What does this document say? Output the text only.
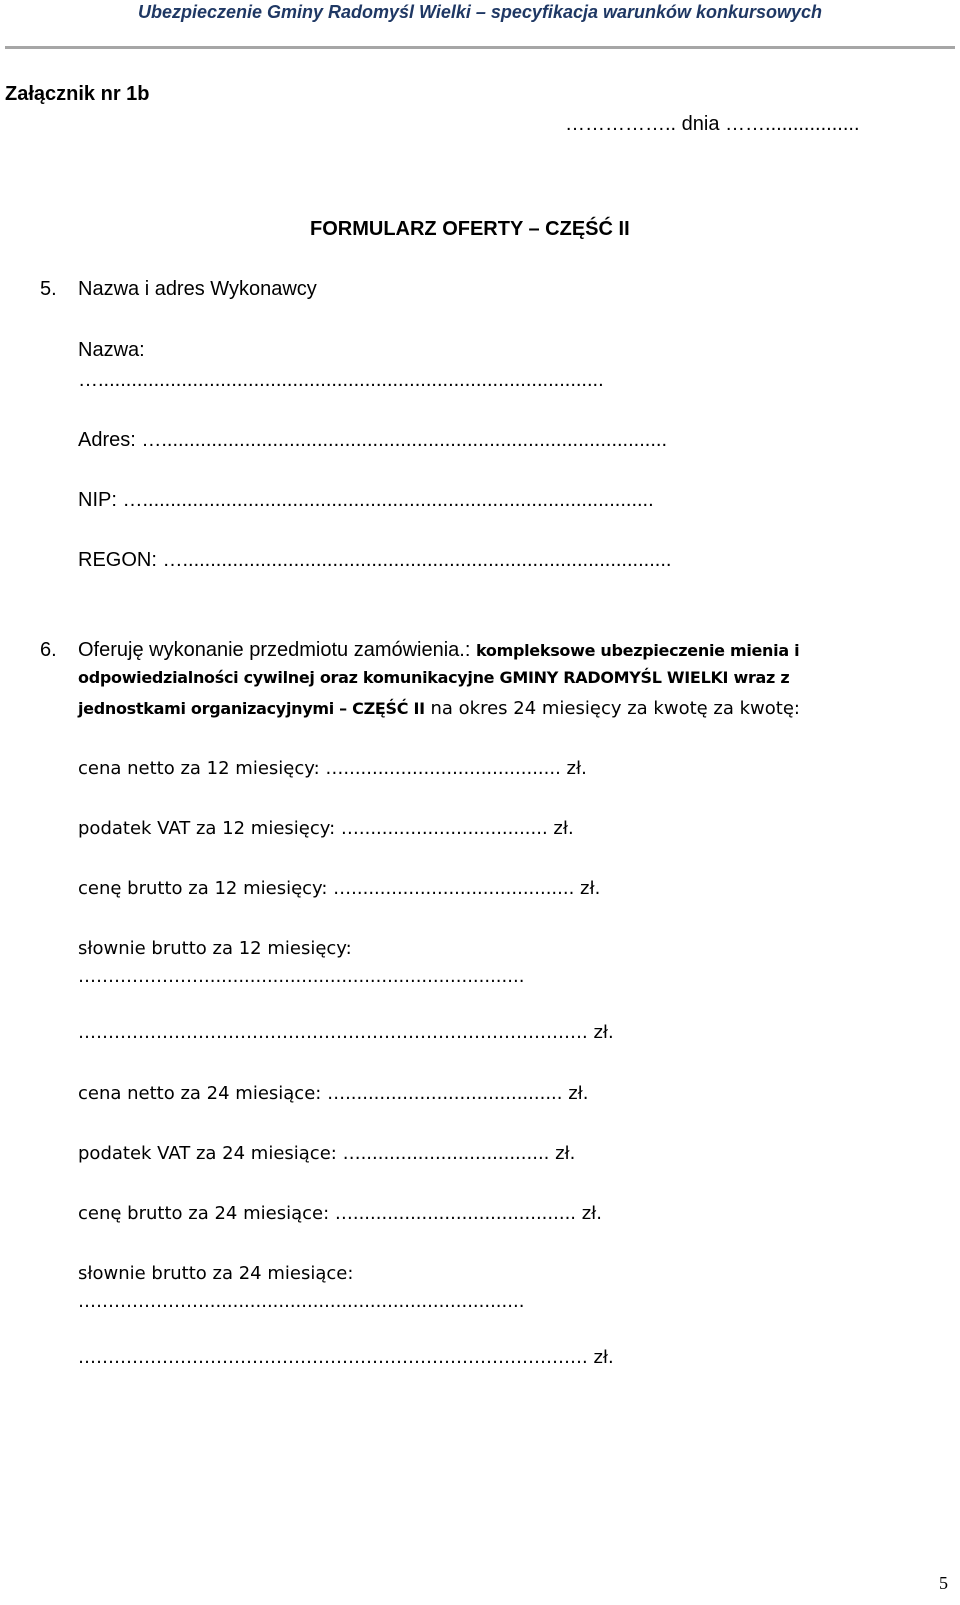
Ubezpieczenie Gminy Radomyśl Wielki – specyfikacja warunków konkursowych
Załącznik nr 1b
…………….. dnia …….................
FORMULARZ OFERTY – CZĘŚĆ II
5. Nazwa i adres Wykonawcy
Nazwa:
…...........................................................................................
Adres: …...........................................................................................
NIP: …............................................................................................
REGON: …........................................................................................
6. Oferuję wykonanie przedmiotu zamówienia.: kompleksowe ubezpieczenie mienia i
odpowiedzialności cywilnej oraz komunikacyjne GMINY RADOMYŚL WIELKI wraz z
jednostkami organizacyjnymi – CZĘŚĆ II na okres 24 miesięcy za kwotę za kwotę:
cena netto za 12 miesięcy: …...................................... zł.
podatek VAT za 12 miesięcy: …................................. zł.
cenę brutto za 12 miesięcy: …....................................... zł.
słownie brutto za 12 miesięcy:
…………………........................................................
…………………………………………………………………………. zł.
cena netto za 24 miesiące: …...................................... zł.
podatek VAT za 24 miesiące: …................................. zł.
cenę brutto za 24 miesiące: …....................................... zł.
słownie brutto za 24 miesiące:
…………………........................................................
…………………………………………………………………………. zł.
5
